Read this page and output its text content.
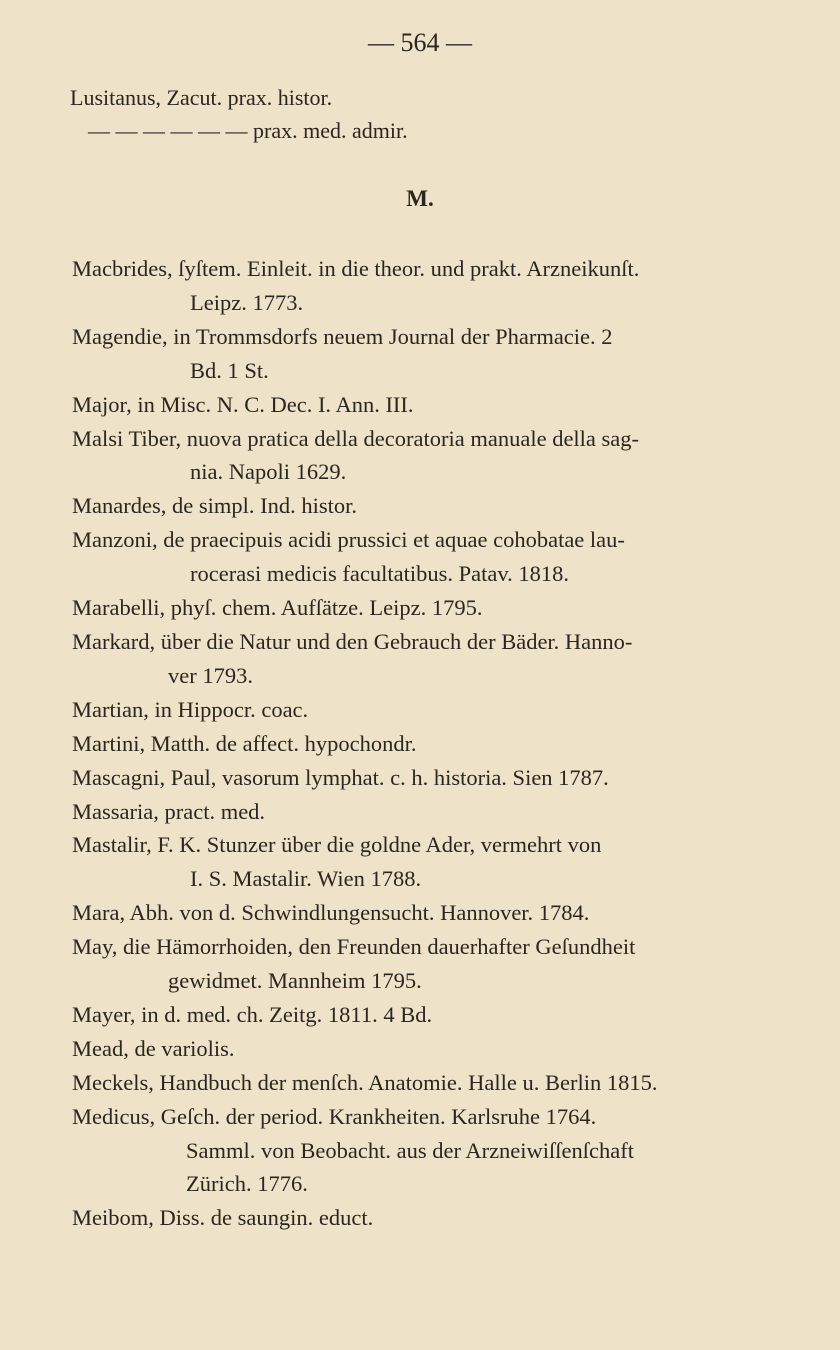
— 564 —
Lusitanus, Zacut. prax. histor.
— — — — — — prax. med. admir.
M.
Macbrides, ſyſtem. Einleit. in die theor. und prakt. Arzneikunſt.
Leipz. 1773.
Magendie, in Trommsdorfs neuem Journal der Pharmacie. 2
Bd. 1 St.
Major, in Misc. N. C. Dec. I. Ann. III.
Malsi Tiber, nuova pratica della decoratoria manuale della sag-
nia. Napoli 1629.
Manardes, de simpl. Ind. histor.
Manzoni, de praecipuis acidi prussici et aquae cohobatae lau-
rocerasi medicis facultatibus. Patav. 1818.
Marabelli, phyſ. chem. Aufſätze. Leipz. 1795.
Markard, über die Natur und den Gebrauch der Bäder. Hanno-
ver 1793.
Martian, in Hippocr. coac.
Martini, Matth. de affect. hypochondr.
Mascagni, Paul, vasorum lymphat. c. h. historia. Sien 1787.
Massaria, pract. med.
Mastalir, F. K. Stunzer über die goldne Ader, vermehrt von
I. S. Mastalir. Wien 1788.
Mara, Abh. von d. Schwindlungensucht. Hannover. 1784.
May, die Hämorrhoiden, den Freunden dauerhafter Geſundheit
gewidmet. Mannheim 1795.
Mayer, in d. med. ch. Zeitg. 1811. 4 Bd.
Mead, de variolis.
Meckels, Handbuch der menſch. Anatomie. Halle u. Berlin 1815.
Medicus, Geſch. der period. Krankheiten. Karlsruhe 1764.
Samml. von Beobacht. aus der Arzneiwiſſenſchaft
Zürich. 1776.
Meibom, Diss. de saungin. educt.
